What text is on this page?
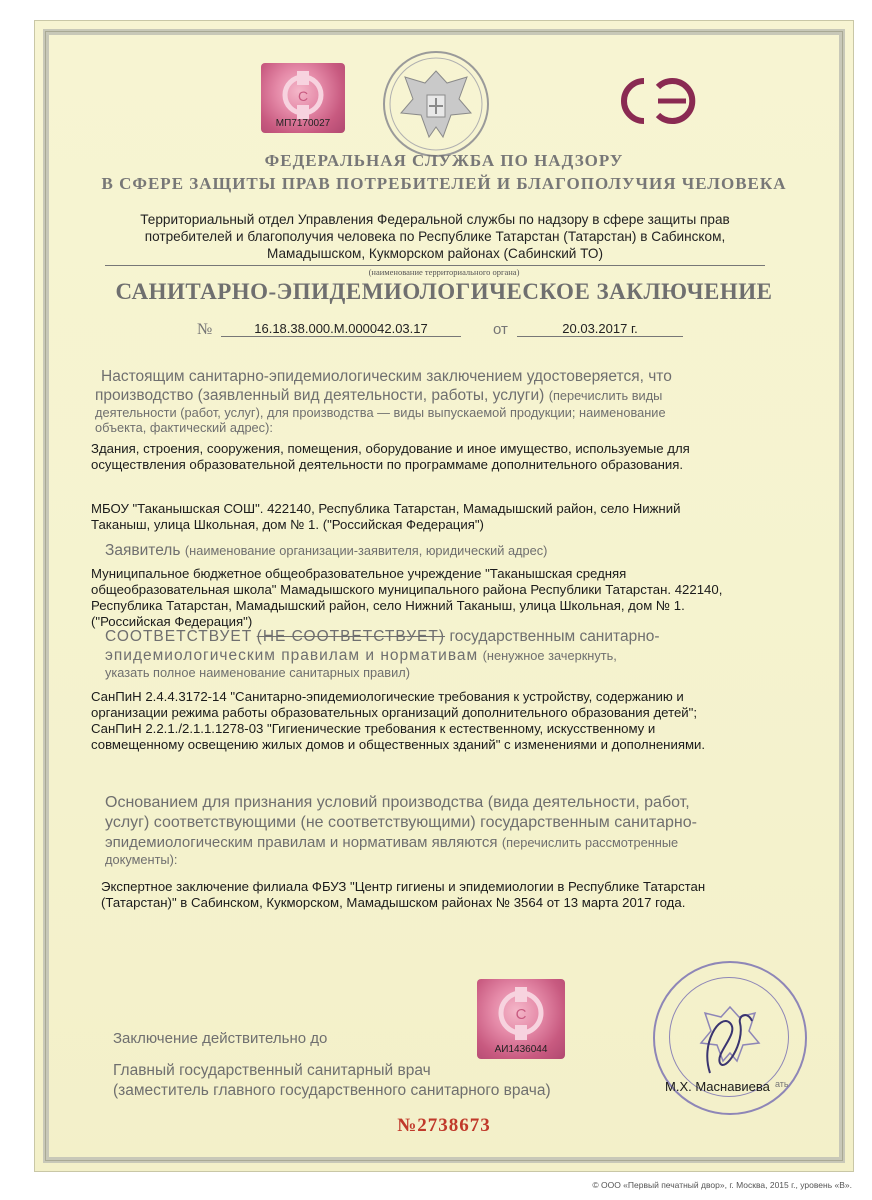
С
МП7170027
ФЕДЕРАЛЬНАЯ СЛУЖБА ПО НАДЗОРУ
В СФЕРЕ ЗАЩИТЫ ПРАВ ПОТРЕБИТЕЛЕЙ И БЛАГОПОЛУЧИЯ ЧЕЛОВЕКА
Территориальный отдел Управления Федеральной службы по надзору в сфере защиты прав
потребителей и благополучия человека по Республике Татарстан (Татарстан) в Сабинском,
Мамадышском, Кукморском районах (Сабинский ТО)
(наименование территориального органа)
САНИТАРНО-ЭПИДЕМИОЛОГИЧЕСКОЕ ЗАКЛЮЧЕНИЕ
№	16.18.38.000.М.000042.03.17	от	20.03.2017 г.
Настоящим санитарно-эпидемиологическим заключением удостоверяется, что
производство (заявленный вид деятельности, работы, услуги) (перечислить виды
деятельности (работ, услуг), для производства — виды выпускаемой продукции; наименование
объекта, фактический адрес):
Здания, строения, сооружения, помещения, оборудование и иное имущество, используемые для
осуществления образовательной деятельности по программаме дополнительного образования.
МБОУ "Таканышская СОШ". 422140, Республика Татарстан, Мамадышский район, село Нижний
Таканыш, улица Школьная, дом № 1. ("Российская Федерация")
Заявитель (наименование организации-заявителя, юридический адрес)
Муниципальное бюджетное общеобразовательное учреждение "Таканышская средняя
общеобразовательная школа" Мамадышского муниципального района Республики Татарстан. 422140,
Республика Татарстан, Мамадышский район, село Нижний Таканыш, улица Школьная, дом № 1.
("Российская Федерация")
СООТВЕТСТВУЕТ (НЕ СООТВЕТСТВУЕТ) государственным санитарно-
эпидемиологическим правилам и нормативам (ненужное зачеркнуть,
указать полное наименование санитарных правил)
СанПиН 2.4.4.3172-14 "Санитарно-эпидемиологические требования к устройству, содержанию и
организации режима работы образовательных организаций дополнительного образования детей";
СанПиН 2.2.1./2.1.1.1278-03 "Гигиенические требования к естественному, искусственному и
совмещенному освещению жилых домов и общественных зданий" с изменениями и дополнениями.
Основанием для признания условий производства (вида деятельности, работ,
услуг) соответствующими (не соответствующими) государственным санитарно-
эпидемиологическим правилам и нормативам являются (перечислить рассмотренные
документы):
Экспертное заключение филиала ФБУЗ "Центр гигиены и эпидемиологии в Республике Татарстан
(Татарстан)" в Сабинском, Кукморском, Мамадышском районах № 3564 от 13 марта 2017 года.
С
АИ1436044
Заключение действительно до
Главный государственный санитарный врач
(заместитель главного государственного санитарного врача)	М.Х. Маснавиева ать
№2738673
© ООО «Первый печатный двор», г. Москва, 2015 г., уровень «В».
